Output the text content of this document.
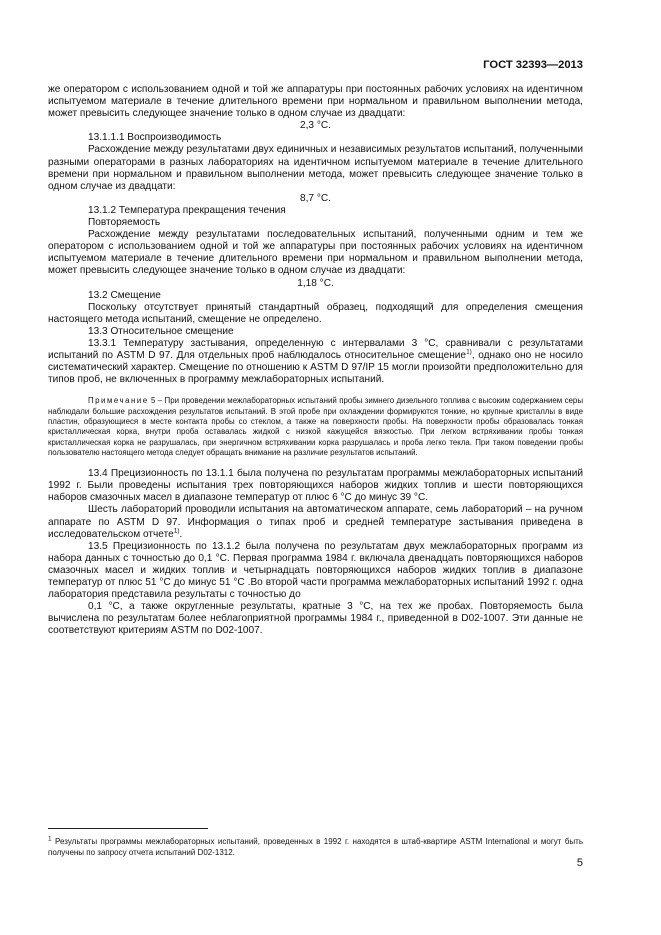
ГОСТ 32393—2013

же оператором с использованием одной и той же аппаратуры при постоянных рабочих условиях на идентичном испытуемом материале в течение длительного времени при нормальном и правильном выполнении метода, может превысить следующее значение только в одном случае из двадцати:

2,3 °С.

13.1.1.1 Воспроизводимость

Расхождение между результатами двух единичных и независимых результатов испытаний, полученными разными операторами в разных лабораториях на идентичном испытуемом материале в течение длительного времени при нормальном и правильном выполнении метода, может превысить следующее значение только в одном случае из двадцати:

8,7 °С.

13.1.2 Температура прекращения течения

Повторяемость

Расхождение между результатами последовательных испытаний, полученными одним и тем же оператором с использованием одной и той же аппаратуры при постоянных рабочих условиях на идентичном испытуемом материале в течение длительного времени при нормальном и правильном выполнении метода, может превысить следующее значение только в одном случае из двадцати:

1,18 °С.

13.2 Смещение

Поскольку отсутствует принятый стандартный образец, подходящий для определения смещения настоящего метода испытаний, смещение не определено.

13.3 Относительное смещение

13.3.1 Температуру застывания, определенную с интервалами 3 °С, сравнивали с результатами испытаний по ASTM D 97. Для отдельных проб наблюдалось относительное смещение$^{1)}$, однако оно не носило систематический характер. Смещение по отношению к ASTM D 97/IP 15 могли произойти предположительно для типов проб, не включенных в программу межлабораторных испытаний.

Примечание 5 – При проведении межлабораторных испытаний пробы зимнего дизельного топлива с высоким содержанием серы наблюдали большие расхождения результатов испытаний. В этой пробе при охлаждении формируются тонкие, но крупные кристаллы в виде пластин, образующиеся в месте контакта пробы со стеклом, а также на поверхности пробы. На поверхности пробы образовалась тонкая кристаллическая корка, внутри проба оставалась жидкой с низкой кажущейся вязкостью. При легком встряхивании пробы тонкая кристаллическая корка не разрушалась, при энергичном встряхивании корка разрушалась и проба легко текла. При таком поведении пробы пользователю настоящего метода следует обращать внимание на различие результатов испытаний.

13.4 Прецизионность по 13.1.1 была получена по результатам программы межлабораторных испытаний 1992 г. Были проведены испытания трех повторяющихся наборов жидких топлив и шести повторяющихся наборов смазочных масел в диапазоне температур от плюс 6 °С до минус 39 °С.

Шесть лабораторий проводили испытания на автоматическом аппарате, семь лабораторий – на ручном аппарате по ASTM D 97. Информация о типах проб и средней температуре застывания приведена в исследовательском отчете$^{1)}$.

13.5 Прецизионность по 13.1.2 была получена по результатам двух межлабораторных программ из набора данных с точностью до 0,1 °С. Первая программа 1984 г. включала двенадцать повторяющихся наборов смазочных масел и жидких топлив и четырнадцать повторяющихся наборов жидких топлив в диапазоне температур от плюс 51 °С до минус 51 °С .Во второй части программа межлабораторных испытаний 1992 г. одна лаборатория представила результаты с точностью до

0,1 °С, а также округленные результаты, кратные 3 °С, на тех же пробах. Повторяемость была вычислена по результатам более неблагоприятной программы 1984 г., приведенной в D02-1007. Эти данные не соответствуют критериям ASTM по D02-1007.

$^1$ Результаты программы межлабораторных испытаний, проведенных в 1992 г. находятся в штаб-квартире ASTM International и могут быть получены по запросу отчета испытаний D02-1312.
5
